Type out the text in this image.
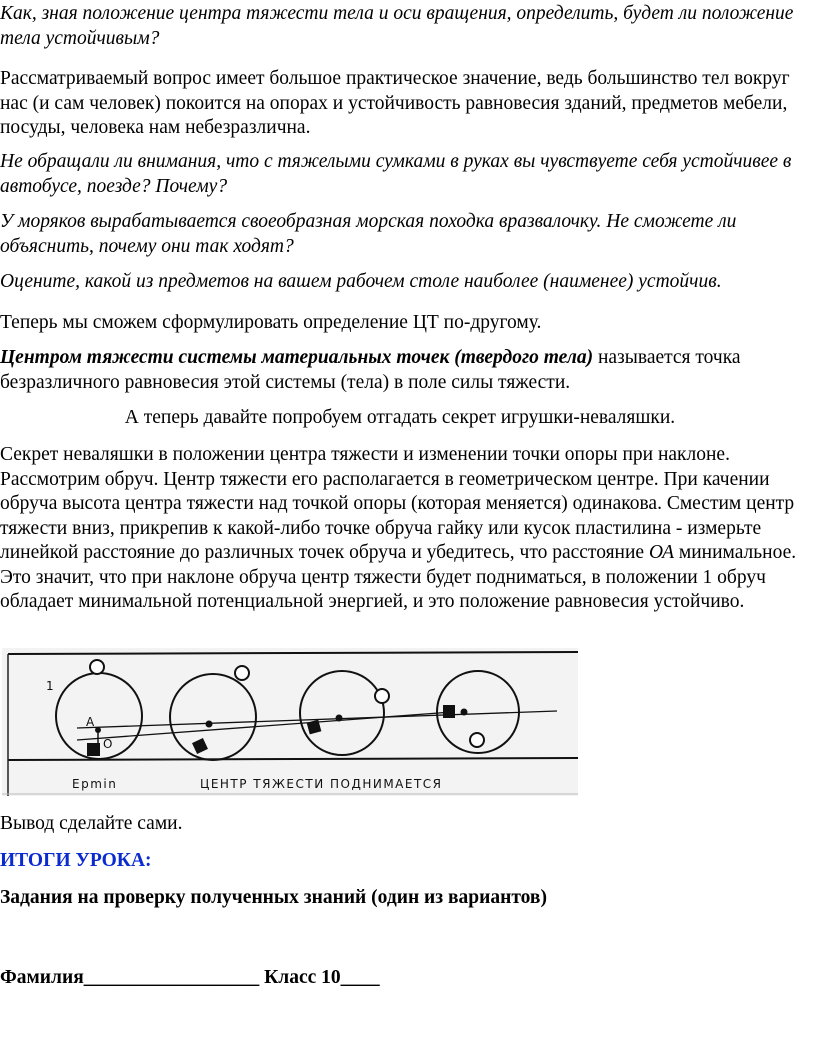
Как, зная положение центра тяжести тела и оси вращения, определить, будет ли положение тела устойчивым?

Рассматриваемый вопрос имеет большое практическое значение, ведь большинство тел вокруг нас (и сам человек) покоится на опорах и устойчивость равновесия зданий, предметов мебели, посуды, человека нам небезразлична.

Не обращали ли внимания, что с тяжелыми сумками в руках вы чувствуете себя устойчивее в автобусе, поезде? Почему?

У моряков вырабатывается своеобразная морская походка вразвалочку. Не сможете ли объяснить, почему они так ходят?

Оцените, какой из предметов на вашем рабочем столе наиболее (наименее) устойчив.

Теперь мы сможем сформулировать определение ЦТ по-другому.

Центром тяжести системы материальных точек (твердого тела) называется точка безразличного равновесия этой системы (тела) в поле силы тяжести.

А теперь давайте попробуем отгадать секрет игрушки-неваляшки.

Секрет неваляшки в положении центра тяжести и изменении точки опоры при наклоне. Рассмотрим обруч. Центр тяжести его располагается в геометрическом центре. При качении обруча высота центра тяжести над точкой опоры (которая меняется) одинакова. Сместим центр тяжести вниз, прикрепив к какой-либо точке обруча гайку или кусок пластилина - измерьте линейкой расстояние до различных точек обруча и убедитесь, что расстояние ОА минимальное. Это значит, что при наклоне обруча центр тяжести будет подниматься, в положении 1 обруч обладает минимальной потенциальной энергией, и это положение равновесия устойчиво.

1
A
O
Epmin	ЦЕНТР ТЯЖЕСТИ ПОДНИМАЕТСЯ

Вывод сделайте сами.

ИТОГИ УРОКА:

Задания на проверку полученных знаний (один из вариантов)

Фамилия__________________ Класс 10____
